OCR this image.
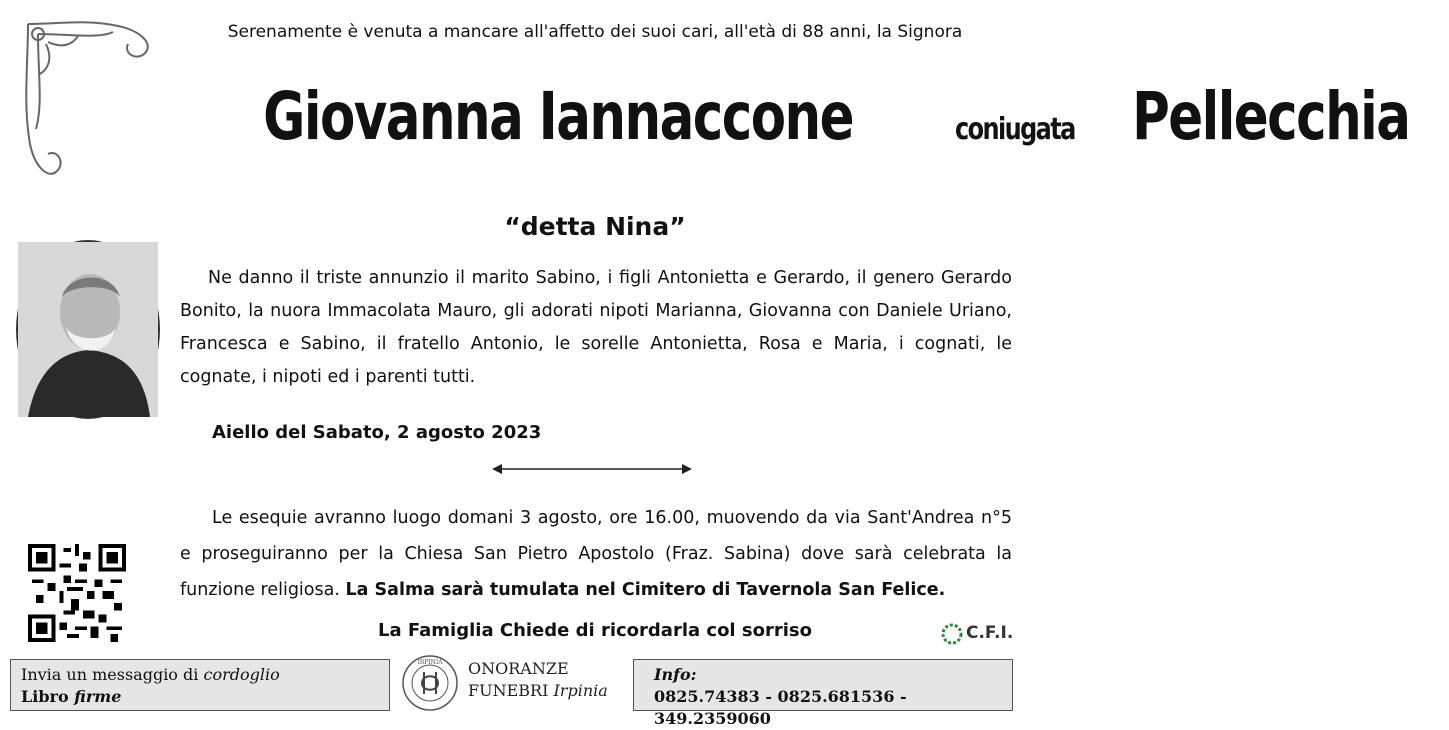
Serenamente è venuta a mancare all'affetto dei suoi cari, all'età di 88 anni, la Signora
Giovanna Iannaccone	coniugata Pellecchia
“detta Nina”
Ne danno il triste annunzio il marito Sabino, i figli Antonietta e Gerardo, il genero Gerardo Bonito, la nuora Immacolata Mauro, gli adorati nipoti Marianna, Giovanna con Daniele Uriano, Francesca e Sabino, il fratello Antonio, le sorelle Antonietta, Rosa e Maria, i cognati, le cognate, i nipoti ed i parenti tutti.
Aiello del Sabato, 2 agosto 2023
Le esequie avranno luogo domani 3 agosto, ore 16.00, muovendo da via Sant'Andrea n°5 e proseguiranno per la Chiesa San Pietro Apostolo (Fraz. Sabina) dove sarà celebrata la funzione religiosa. La Salma sarà tumulata nel Cimitero di Tavernola San Felice.
La Famiglia Chiede di ricordarla col sorriso	C.F.I.
Invia un messaggio di cordoglio
Libro firme
IRPINIA ONORANZE
FUNEBRI Irpinia
Info:
0825.74383 - 0825.681536 - 349.2359060
